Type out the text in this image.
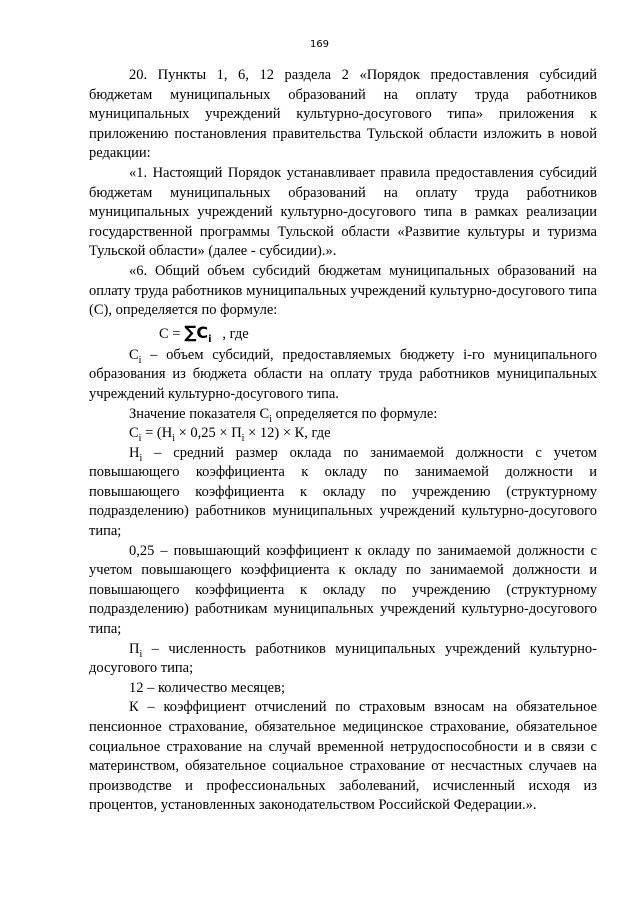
169

20. Пункты 1, 6, 12 раздела 2 «Порядок предоставления субсидий бюджетам муниципальных образований на оплату труда работников муниципальных учреждений культурно-досугового типа» приложения к приложению постановления правительства Тульской области изложить в новой редакции:

«1. Настоящий Порядок устанавливает правила предоставления субсидий бюджетам муниципальных образований на оплату труда работников муниципальных учреждений культурно-досугового типа в рамках реализации государственной программы Тульской области «Развитие культуры и туризма Тульской области» (далее - субсидии).».

«6. Общий объем субсидий бюджетам муниципальных образований на оплату труда работников муниципальных учреждений культурно-досугового типа (С), определяется по формуле:

$С = \sum C_i$   , где

$С_i$ – объем субсидий, предоставляемых бюджету i-го муниципального образования из бюджета области на оплату труда работников муниципальных учреждений культурно-досугового типа.

Значение показателя $С_i$ определяется по формуле:

$С_i = (Н_i \times 0,25 \times П_i \times 12) \times К$, где

$Н_i$ – средний размер оклада по занимаемой должности с учетом повышающего коэффициента к окладу по занимаемой должности и повышающего коэффициента к окладу по учреждению (структурному подразделению) работников муниципальных учреждений культурно-досугового типа;

0,25 – повышающий коэффициент к окладу по занимаемой должности с учетом повышающего коэффициента к окладу по занимаемой должности и повышающего коэффициента к окладу по учреждению (структурному подразделению) работникам муниципальных учреждений культурно-досугового типа;

$П_i$ – численность работников муниципальных учреждений культурно-досугового типа;

12 – количество месяцев;

К – коэффициент отчислений по страховым взносам на обязательное пенсионное страхование, обязательное медицинское страхование, обязательное социальное страхование на случай временной нетрудоспособности и в связи с материнством, обязательное социальное страхование от несчастных случаев на производстве и профессиональных заболеваний, исчисленный исходя из процентов, установленных законодательством Российской Федерации.».
